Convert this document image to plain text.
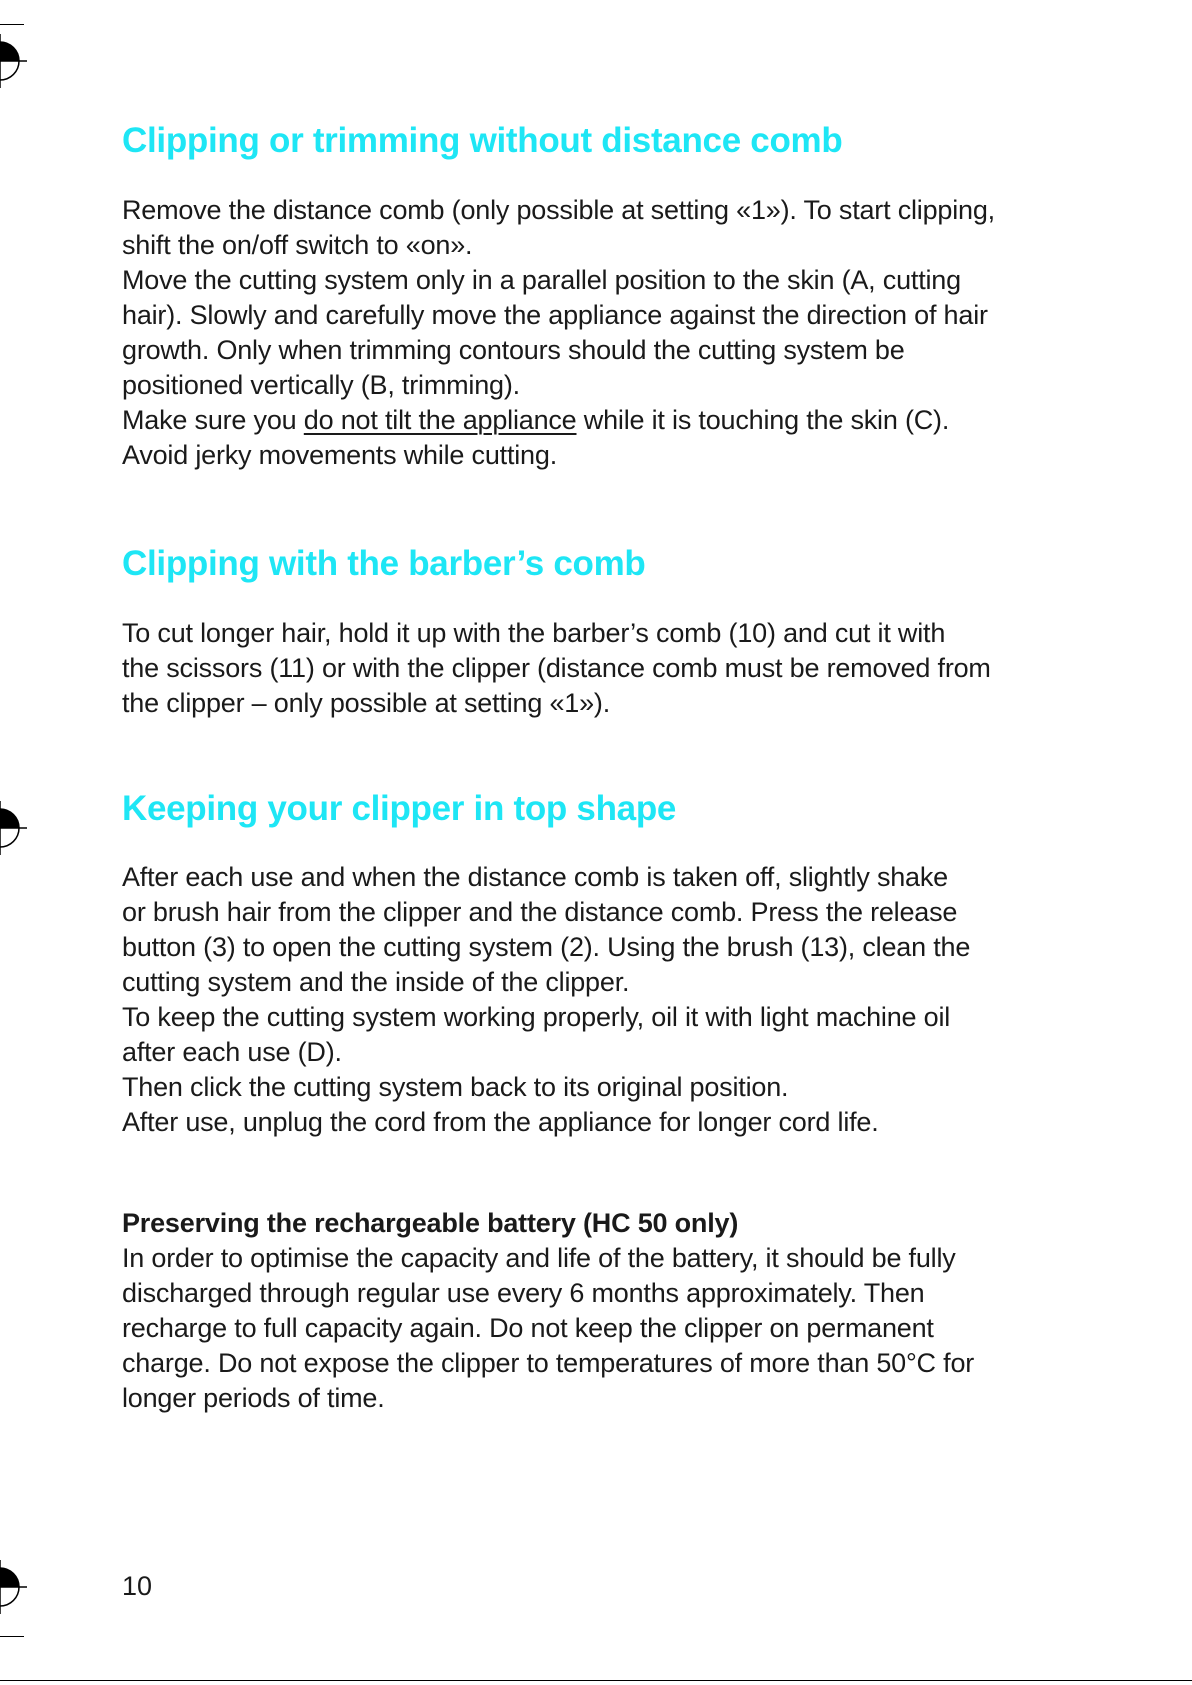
Clipping or trimming without distance comb
Remove the distance comb (only possible at setting «1»). To start clipping,
shift the on/off switch to «on».
Move the cutting system only in a parallel position to the skin (A, cutting
hair). Slowly and carefully move the appliance against the direction of hair
growth. Only when trimming contours should the cutting system be
positioned vertically (B, trimming).
Make sure you do not tilt the appliance while it is touching the skin (C).
Avoid jerky movements while cutting.
Clipping with the barber’s comb
To cut longer hair, hold it up with the barber’s comb (10) and cut it with
the scissors (11) or with the clipper (distance comb must be removed from
the clipper – only possible at setting «1»).
Keeping your clipper in top shape
After each use and when the distance comb is taken off, slightly shake
or brush hair from the clipper and the distance comb. Press the release
button (3) to open the cutting system (2). Using the brush (13), clean the
cutting system and the inside of the clipper.
To keep the cutting system working properly, oil it with light machine oil
after each use (D).
Then click the cutting system back to its original position.
After use, unplug the cord from the appliance for longer cord life.
Preserving the rechargeable battery (HC 50 only)
In order to optimise the capacity and life of the battery, it should be fully
discharged through regular use every 6 months approximately. Then
recharge to full capacity again. Do not keep the clipper on permanent
charge. Do not expose the clipper to temperatures of more than 50°C for
longer periods of time.
10
